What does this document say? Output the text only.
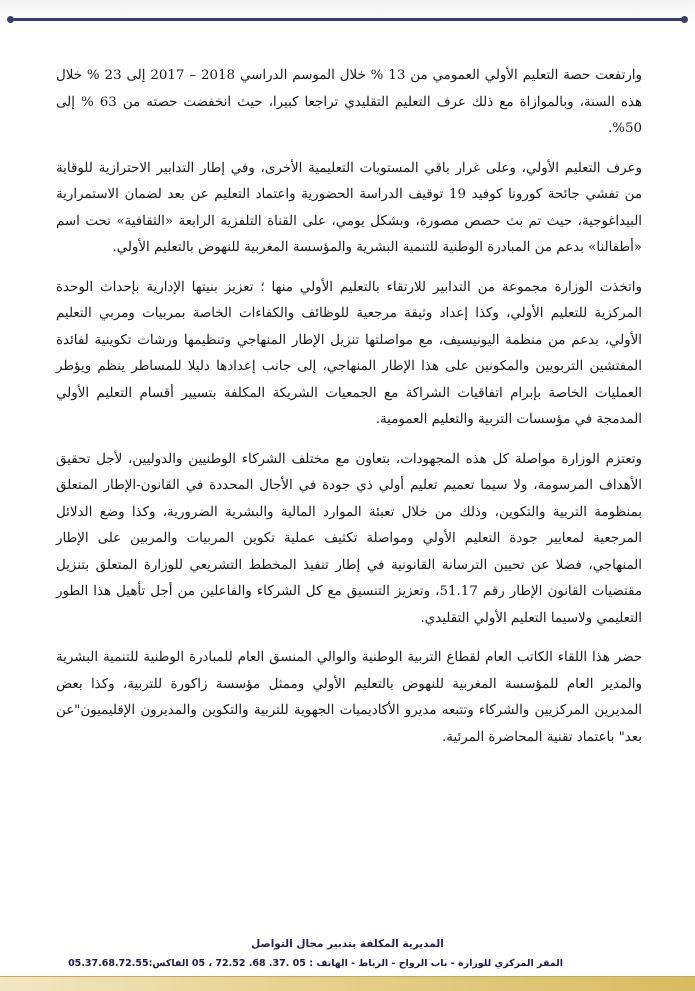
وارتفعت حصة التعليم الأولي العمومي من 13 % خلال الموسم الدراسي 2018 – 2017 إلى 23 % خلال هذه السنة، وبالموازاة مع ذلك عرف التعليم التقليدي تراجعا كبيرا، حيث انخفضت حصته من 63 % إلى 50%.

وعرف التعليم الأولي، وعلى غرار باقي المستويات التعليمية الأخرى، وفي إطار التدابير الاحترازية للوقاية من تفشي جائحة كورونا كوفيد 19 توقيف الدراسة الحضورية واعتماد التعليم عن بعد لضمان الاستمرارية البيداغوجية، حيث تم بث حصص مصورة، وبشكل يومي، على القناة التلفزية الرابعة «الثقافية» تحت اسم «أطفالنا» بدعم من المبادرة الوطنية للتنمية البشرية والمؤسسة المغربية للنهوض بالتعليم الأولي.

واتخذت الوزارة مجموعة من التدابير للارتقاء بالتعليم الأولي منها ؛ تعزيز بنيتها الإدارية بإحداث الوحدة المركزية للتعليم الأولي، وكذا إعداد وثيقة مرجعية للوظائف والكفاءات الخاصة بمربيات ومربي التعليم الأولي، بدعم من منظمة اليونيسيف، مع مواصلتها تنزيل الإطار المنهاجي وتنظيمها ورشات تكوينية لفائدة المفتشين التربويين والمكونين على هذا الإطار المنهاجي، إلى جانب إعدادها دليلا للمساطر ينظم ويؤطر العمليات الخاصة بإبرام اتفاقيات الشراكة مع الجمعيات الشريكة المكلفة بتسيير أقسام التعليم الأولي المدمجة في مؤسسات التربية والتعليم العمومية.

وتعتزم الوزارة مواصلة كل هذه المجهودات، بتعاون مع مختلف الشركاء الوطنيين والدوليين، لأجل تحقيق الأهداف المرسومة، ولا سيما تعميم تعليم أولي ذي جودة في الأجال المحددة في القانون-الإطار المتعلق بمنظومة التربية والتكوين، وذلك من خلال تعبئة الموارد المالية والبشرية الضرورية، وكذا وضع الدلائل المرجعية لمعايير جودة التعليم الأولي ومواصلة تكثيف عملية تكوين المربيات والمربين على الإطار المنهاجي، فضلا عن تحيين الترسانة القانونية في إطار تنفيذ المخطط التشريعي للوزارة المتعلق بتنزيل مقتضيات القانون الإطار رقم 51.17، وتعزيز التنسيق مع كل الشركاء والفاعلين من أجل تأهيل هذا الطور التعليمي ولاسيما التعليم الأولي التقليدي.

حضر هذا اللقاء الكاتب العام لقطاع التربية الوطنية والوالي المنسق العام للمبادرة الوطنية للتنمية البشرية والمدير العام للمؤسسة المغربية للنهوض بالتعليم الأولي وممثل مؤسسة زاكورة للتربية، وكذا بعض المديرين المركزيين والشركاء وتتبعه مديرو الأكاديميات الجهوية للتربية والتكوين والمديرون الإقليميون"عن بعد" باعتماد تقنية المحاضرة المرئية.

المديرية المكلفة بتدبير مجال التواصل
المقر المركزي للوزارة - باب الرواح - الرباط - الهاتف : 05 .37. 68. 72.52 ، 05 الفاكس:05.37.68.72.55
